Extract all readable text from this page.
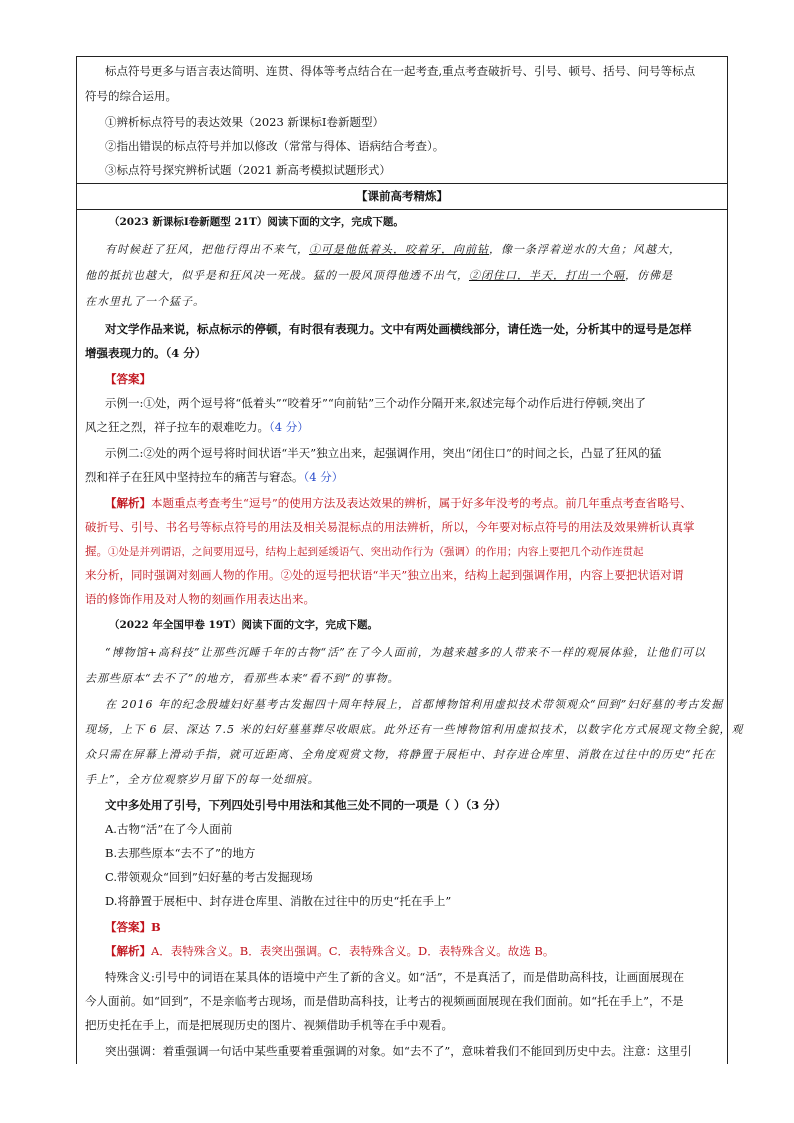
标点符号更多与语言表达简明、连贯、得体等考点结合在一起考查,重点考查破折号、引号、顿号、括号、问号等标点
符号的综合运用。
①辨析标点符号的表达效果（2023 新课标Ⅰ卷新题型）
②指出错误的标点符号并加以修改（常常与得体、语病结合考查）。
③标点符号探究辨析试题（2021 新高考模拟试题形式）
【课前高考精炼】
（2023 新课标Ⅰ卷新题型 21T）阅读下面的文字，完成下题。
有时候赶了狂风，把他行得出不来气，①可是他低着头，咬着牙，向前钻，像一条浮着逆水的大鱼；风越大，
他的抵抗也越大，似乎是和狂风决一死战。猛的一股风顶得他透不出气，②闭住口，半天，打出一个嗝，仿佛是
在水里扎了一个猛子。
对文学作品来说，标点标示的停顿，有时很有表现力。文中有两处画横线部分，请任选一处，分析其中的逗号是怎样
增强表现力的。（4 分）
【答案】
示例一:①处，两个逗号将“低着头”“咬着牙”“向前钻”三个动作分隔开来,叙述完每个动作后进行停顿,突出了
风之狂之烈，祥子拉车的艰难吃力。（4 分）
示例二:②处的两个逗号将时间状语“半天”独立出来，起强调作用，突出“闭住口”的时间之长，凸显了狂风的猛
烈和祥子在狂风中坚持拉车的痛苦与窘态。（4 分）
【解析】本题重点考查考生“逗号”的使用方法及表达效果的辨析，属于好多年没考的考点。前几年重点考查省略号、
破折号、引号、书名号等标点符号的用法及相关易混标点的用法辨析，所以，今年要对标点符号的用法及效果辨析认真掌
握。①处是并列谓语，之间要用逗号，结构上起到延缓语气、突出动作行为（强调）的作用；内容上要把几个动作连贯起
来分析，同时强调对刻画人物的作用。②处的逗号把状语“半天”独立出来，结构上起到强调作用，内容上要把状语对谓
语的修饰作用及对人物的刻画作用表达出来。
（2022 年全国甲卷 19T）阅读下面的文字，完成下题。
“博物馆+高科技”让那些沉睡千年的古物“活”在了今人面前，为越来越多的人带来不一样的观展体验，让他们可以
去那些原本“去不了”的地方，看那些本来“看不到”的事物。
在 2016 年的纪念殷墟妇好墓考古发掘四十周年特展上，首都博物馆利用虚拟技术带领观众“回到”妇好墓的考古发掘
现场，上下 6 层、深达 7.5 米的妇好墓墓葬尽收眼底。此外还有一些博物馆利用虚拟技术，以数字化方式展现文物全貌，观
众只需在屏幕上滑动手指，就可近距离、全角度观赏文物，将静置于展柜中、封存进仓库里、消散在过往中的历史“托在
手上”，全方位观察岁月留下的每一处细痕。
文中多处用了引号，下列四处引号中用法和其他三处不同的一项是（ ）（3 分）
A.古物“活”在了今人面前
B.去那些原本“去不了”的地方
C.带领观众“回到”妇好墓的考古发掘现场
D.将静置于展柜中、封存进仓库里、消散在过往中的历史“托在手上”
【答案】B
【解析】A．表特殊含义。B．表突出强调。C．表特殊含义。D．表特殊含义。故选 B。
特殊含义:引号中的词语在某具体的语境中产生了新的含义。如“活”，不是真活了，而是借助高科技，让画面展现在
今人面前。如“回到”，不是亲临考古现场，而是借助高科技，让考古的视频画面展现在我们面前。如“托在手上”，不是
把历史托在手上，而是把展现历史的图片、视频借助手机等在手中观看。
突出强调：着重强调一句话中某些重要着重强调的对象。如“去不了”，意味着我们不能回到历史中去。注意：这里引
